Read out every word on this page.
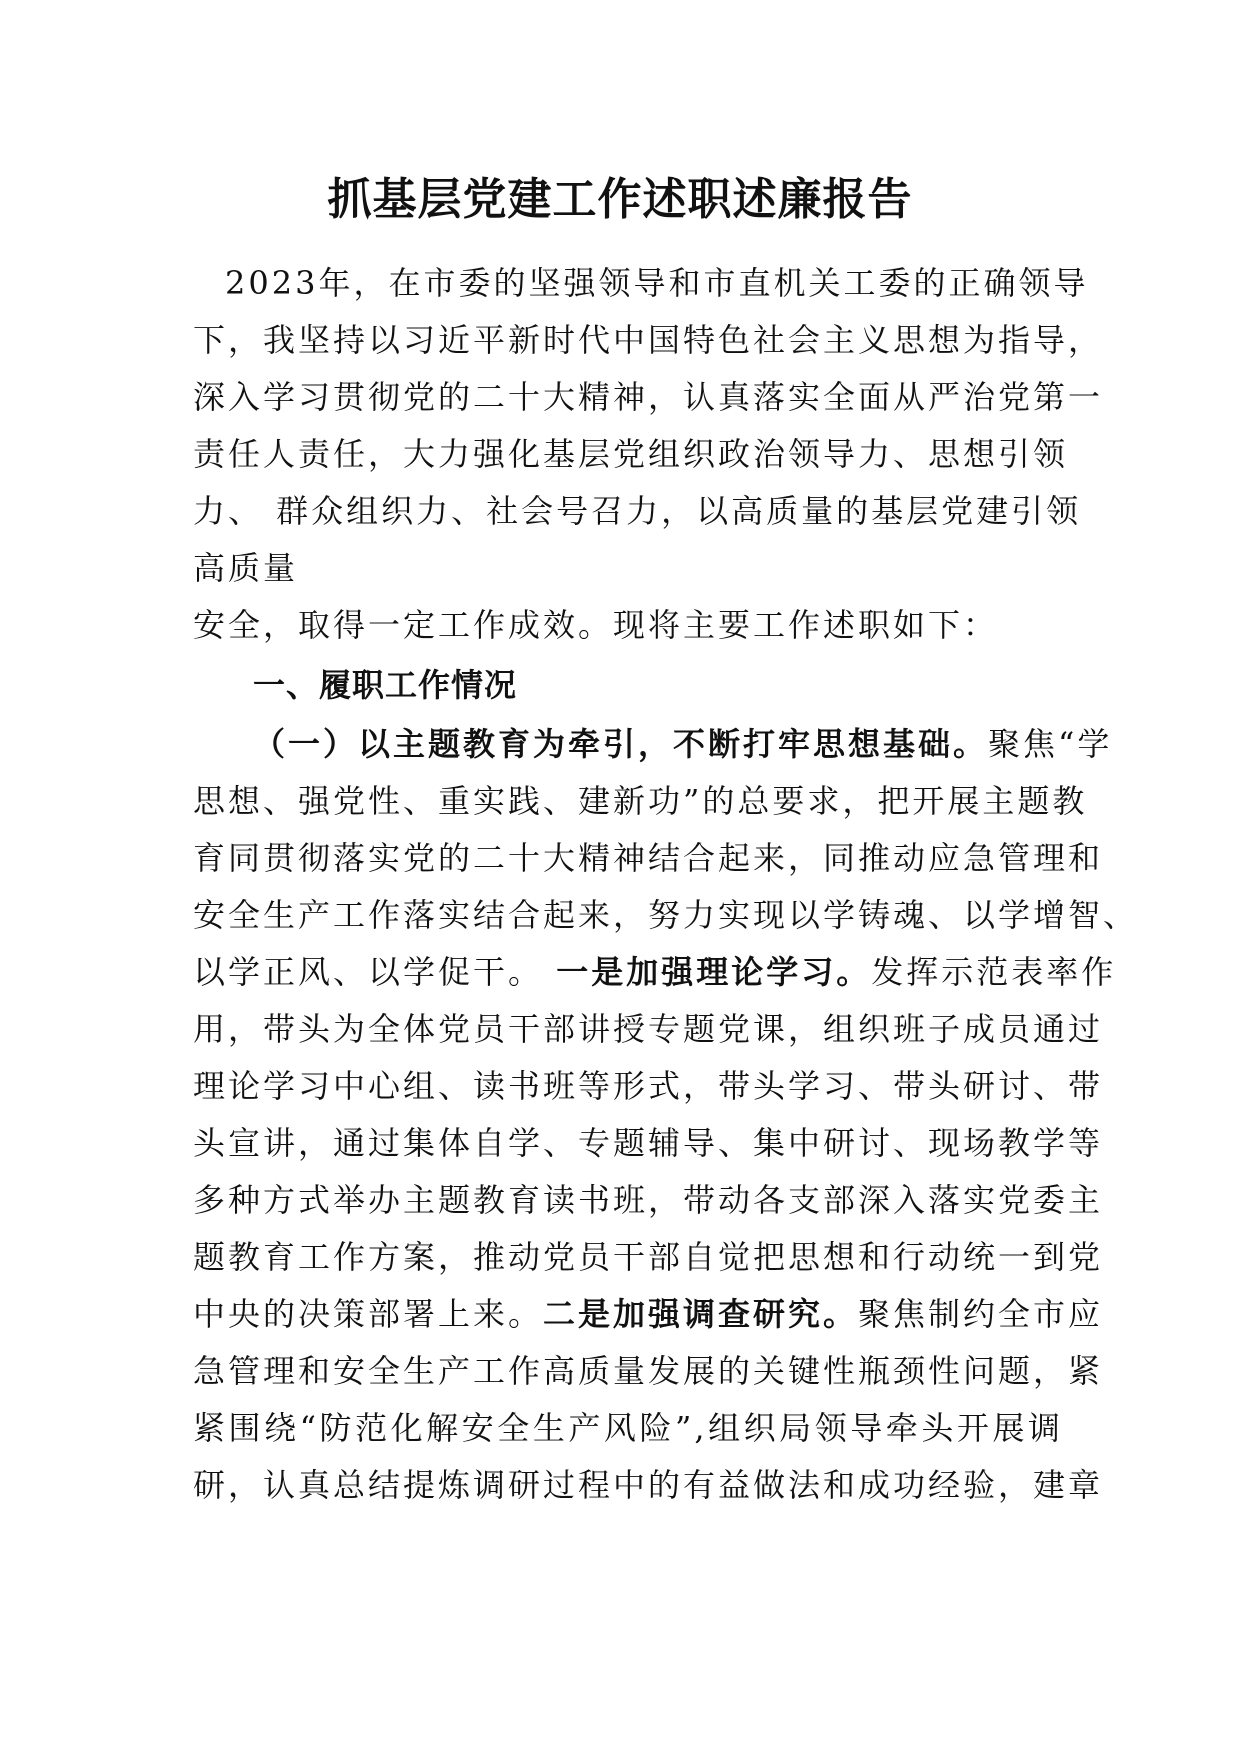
抓基层党建工作述职述廉报告

2023年，在市委的坚强领导和市直机关工委的正确领导

下，我坚持以习近平新时代中国特色社会主义思想为指导，

深入学习贯彻党的二十大精神，认真落实全面从严治党第一

责任人责任，大力强化基层党组织政治领导力、思想引领

力、 群众组织力、社会号召力，以高质量的基层党建引领

高质量

安全，取得一定工作成效。现将主要工作述职如下：

一、履职工作情况

（一）以主题教育为牵引，不断打牢思想基础。聚焦“学

思想、强党性、重实践、建新功”的总要求，把开展主题教

育同贯彻落实党的二十大精神结合起来，同推动应急管理和

安全生产工作落实结合起来，努力实现以学铸魂、以学增智、

以学正风、以学促干。 一是加强理论学习。发挥示范表率作

用，带头为全体党员干部讲授专题党课，组织班子成员通过

理论学习中心组、读书班等形式，带头学习、带头研讨、带

头宣讲，通过集体自学、专题辅导、集中研讨、现场教学等

多种方式举办主题教育读书班，带动各支部深入落实党委主

题教育工作方案，推动党员干部自觉把思想和行动统一到党

中央的决策部署上来。二是加强调查研究。聚焦制约全市应

急管理和安全生产工作高质量发展的关键性瓶颈性问题，紧

紧围绕“防范化解安全生产风险”,组织局领导牵头开展调

研，认真总结提炼调研过程中的有益做法和成功经验，建章
